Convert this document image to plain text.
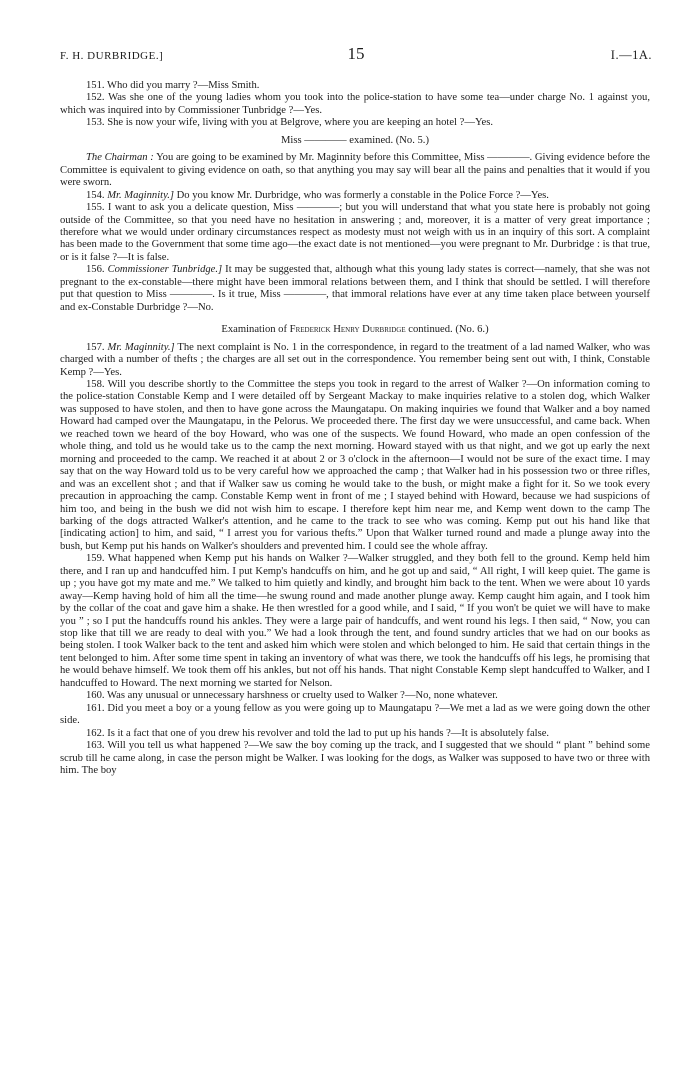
F. H. DURBRIDGE.]	15	I.—1A.

151. Who did you marry ?—Miss Smith.

152. Was she one of the young ladies whom you took into the police-station to have some tea—under charge No. 1 against you, which was inquired into by Commissioner Tunbridge ?—Yes.

153. She is now your wife, living with you at Belgrove, where you are keeping an hotel ?—Yes.

Miss ———— examined. (No. 5.)

The Chairman : You are going to be examined by Mr. Maginnity before this Committee, Miss ————. Giving evidence before the Committee is equivalent to giving evidence on oath, so that anything you may say will bear all the pains and penalties that it would if you were sworn.

154. Mr. Maginnity.] Do you know Mr. Durbridge, who was formerly a constable in the Police Force ?—Yes.

155. I want to ask you a delicate question, Miss ————; but you will understand that what you state here is probably not going outside of the Committee, so that you need have no hesitation in answering ; and, moreover, it is a matter of very great importance ; therefore what we would under ordinary circumstances respect as modesty must not weigh with us in an inquiry of this sort. A complaint has been made to the Government that some time ago—the exact date is not mentioned—you were pregnant to Mr. Durbridge : is that true, or is it false ?—It is false.

156. Commissioner Tunbridge.] It may be suggested that, although what this young lady states is correct—namely, that she was not pregnant to the ex-constable—there might have been immoral relations between them, and I think that should be settled. I will therefore put that question to Miss ————. Is it true, Miss ————, that immoral relations have ever at any time taken place between yourself and ex-Constable Durbridge ?—No.

Examination of Frederick Henry Durbridge continued. (No. 6.)

157. Mr. Maginnity.] The next complaint is No. 1 in the correspondence, in regard to the treatment of a lad named Walker, who was charged with a number of thefts ; the charges are all set out in the correspondence. You remember being sent out with, I think, Constable Kemp ?—Yes.

158. Will you describe shortly to the Committee the steps you took in regard to the arrest of Walker ?—On information coming to the police-station Constable Kemp and I were detailed off by Sergeant Mackay to make inquiries relative to a stolen dog, which Walker was supposed to have stolen, and then to have gone across the Maungatapu. On making inquiries we found that Walker and a boy named Howard had camped over the Maungatapu, in the Pelorus. We proceeded there. The first day we were unsuccessful, and came back. When we reached town we heard of the boy Howard, who was one of the suspects. We found Howard, who made an open confession of the whole thing, and told us he would take us to the camp the next morning. Howard stayed with us that night, and we got up early the next morning and proceeded to the camp. We reached it at about 2 or 3 o'clock in the afternoon—I would not be sure of the exact time. I may say that on the way Howard told us to be very careful how we approached the camp ; that Walker had in his possession two or three rifles, and was an excellent shot ; and that if Walker saw us coming he would take to the bush, or might make a fight for it. So we took every precaution in approaching the camp. Constable Kemp went in front of me ; I stayed behind with Howard, because we had suspicions of him too, and being in the bush we did not wish him to escape. I therefore kept him near me, and Kemp went down to the camp The barking of the dogs attracted Walker's attention, and he came to the track to see who was coming. Kemp put out his hand like that [indicating action] to him, and said, “ I arrest you for various thefts.” Upon that Walker turned round and made a plunge away into the bush, but Kemp put his hands on Walker's shoulders and prevented him. I could see the whole affray.

159. What happened when Kemp put his hands on Walker ?—Walker struggled, and they both fell to the ground. Kemp held him there, and I ran up and handcuffed him. I put Kemp's handcuffs on him, and he got up and said, “ All right, I will keep quiet. The game is up ; you have got my mate and me.” We talked to him quietly and kindly, and brought him back to the tent. When we were about 10 yards away—Kemp having hold of him all the time—he swung round and made another plunge away. Kemp caught him again, and I took him by the collar of the coat and gave him a shake. He then wrestled for a good while, and I said, “ If you won't be quiet we will have to make you ” ; so I put the handcuffs round his ankles. They were a large pair of handcuffs, and went round his legs. I then said, “ Now, you can stop like that till we are ready to deal with you.” We had a look through the tent, and found sundry articles that we had on our books as being stolen. I took Walker back to the tent and asked him which were stolen and which belonged to him. He said that certain things in the tent belonged to him. After some time spent in taking an inventory of what was there, we took the handcuffs off his legs, he promising that he would behave himself. We took them off his ankles, but not off his hands. That night Constable Kemp slept handcuffed to Walker, and I handcuffed to Howard. The next morning we started for Nelson.

160. Was any unusual or unnecessary harshness or cruelty used to Walker ?—No, none whatever.

161. Did you meet a boy or a young fellow as you were going up to Maungatapu ?—We met a lad as we were going down the other side.

162. Is it a fact that one of you drew his revolver and told the lad to put up his hands ?—It is absolutely false.

163. Will you tell us what happened ?—We saw the boy coming up the track, and I suggested that we should “ plant ” behind some scrub till he came along, in case the person might be Walker. I was looking for the dogs, as Walker was supposed to have two or three with him. The boy
